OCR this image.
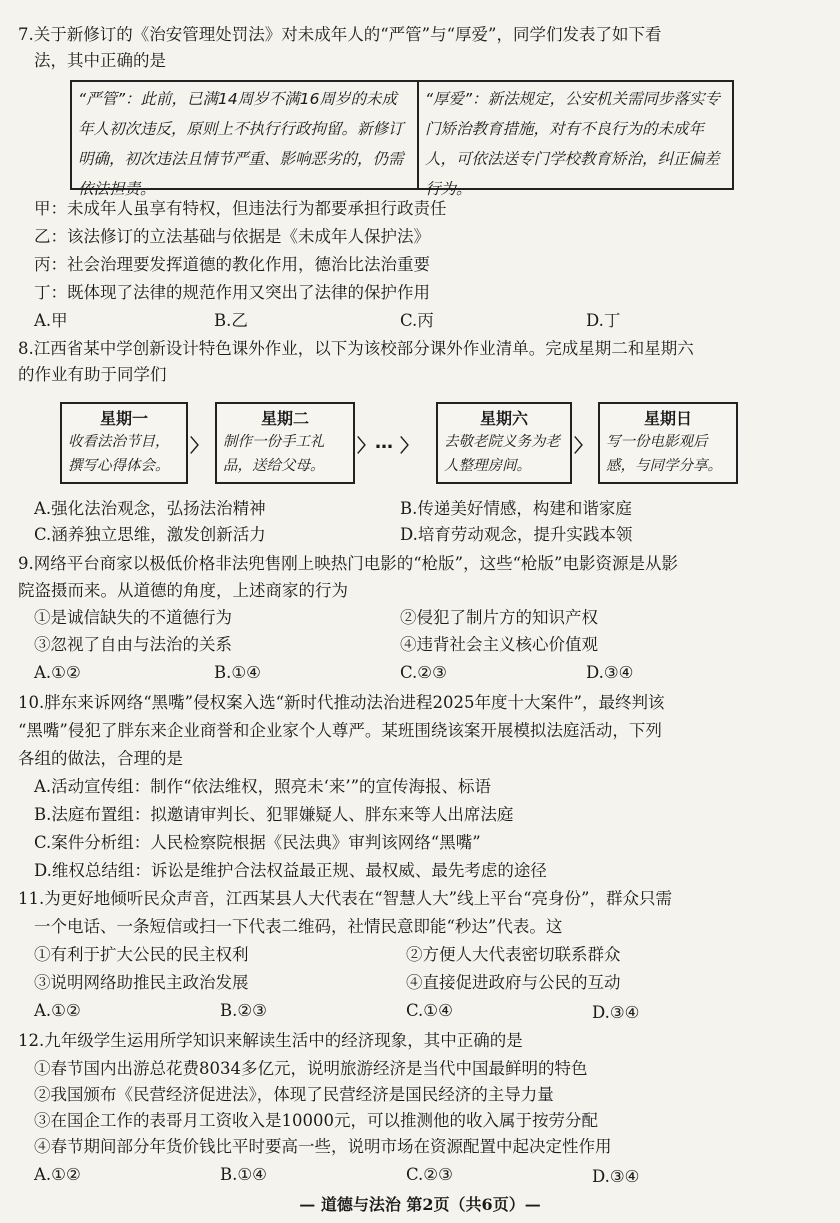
7.关于新修订的《治安管理处罚法》对未成年人的“严管”与“厚爱”，同学们发表了如下看
法，其中正确的是
“严管”：此前，已满14周岁不满16周岁的未成年人初次违反，原则上不执行行政拘留。新修订明确，初次违法且情节严重、影响恶劣的，仍需依法担责。
“厚爱”：新法规定，公安机关需同步落实专门矫治教育措施，对有不良行为的未成年人，可依法送专门学校教育矫治，纠正偏差行为。
甲：未成年人虽享有特权，但违法行为都要承担行政责任
乙：该法修订的立法基础与依据是《未成年人保护法》
丙：社会治理要发挥道德的教化作用，德治比法治重要
丁：既体现了法律的规范作用又突出了法律的保护作用
A.甲	B.乙	C.丙	D.丁
8.江西省某中学创新设计特色课外作业，以下为该校部分课外作业清单。完成星期二和星期六
的作业有助于同学们
星期一
收看法治节目，撰写心得体会。
〉
星期二
制作一份手工礼品，送给父母。
〉 … 〉
星期六
去敬老院义务为老人整理房间。
〉
星期日
写一份电影观后感，与同学分享。
A.强化法治观念，弘扬法治精神	B.传递美好情感，构建和谐家庭
C.涵养独立思维，激发创新活力	D.培育劳动观念，提升实践本领
9.网络平台商家以极低价格非法兜售刚上映热门电影的“枪版”，这些“枪版”电影资源是从影
院盗摄而来。从道德的角度，上述商家的行为
①是诚信缺失的不道德行为	②侵犯了制片方的知识产权
③忽视了自由与法治的关系	④违背社会主义核心价值观
A.①②	B.①④	C.②③	D.③④
10.胖东来诉网络“黑嘴”侵权案入选“新时代推动法治进程2025年度十大案件”，最终判该
“黑嘴”侵犯了胖东来企业商誉和企业家个人尊严。某班围绕该案开展模拟法庭活动，下列
各组的做法，合理的是
A.活动宣传组：制作“依法维权，照亮未‘来’”的宣传海报、标语
B.法庭布置组：拟邀请审判长、犯罪嫌疑人、胖东来等人出席法庭
C.案件分析组：人民检察院根据《民法典》审判该网络“黑嘴”
D.维权总结组：诉讼是维护合法权益最正规、最权威、最先考虑的途径
11.为更好地倾听民众声音，江西某县人大代表在“智慧人大”线上平台“亮身份”，群众只需
一个电话、一条短信或扫一下代表二维码，社情民意即能“秒达”代表。这
①有利于扩大公民的民主权利	②方便人大代表密切联系群众
③说明网络助推民主政治发展	④直接促进政府与公民的互动
A.①②	B.②③	C.①④	D.③④
12.九年级学生运用所学知识来解读生活中的经济现象，其中正确的是
①春节国内出游总花费8034多亿元，说明旅游经济是当代中国最鲜明的特色
②我国颁布《民营经济促进法》，体现了民营经济是国民经济的主导力量
③在国企工作的表哥月工资收入是10000元，可以推测他的收入属于按劳分配
④春节期间部分年货价钱比平时要高一些，说明市场在资源配置中起决定性作用
A.①②	B.①④	C.②③	D.③④
— 道德与法治 第2页（共6页）—
